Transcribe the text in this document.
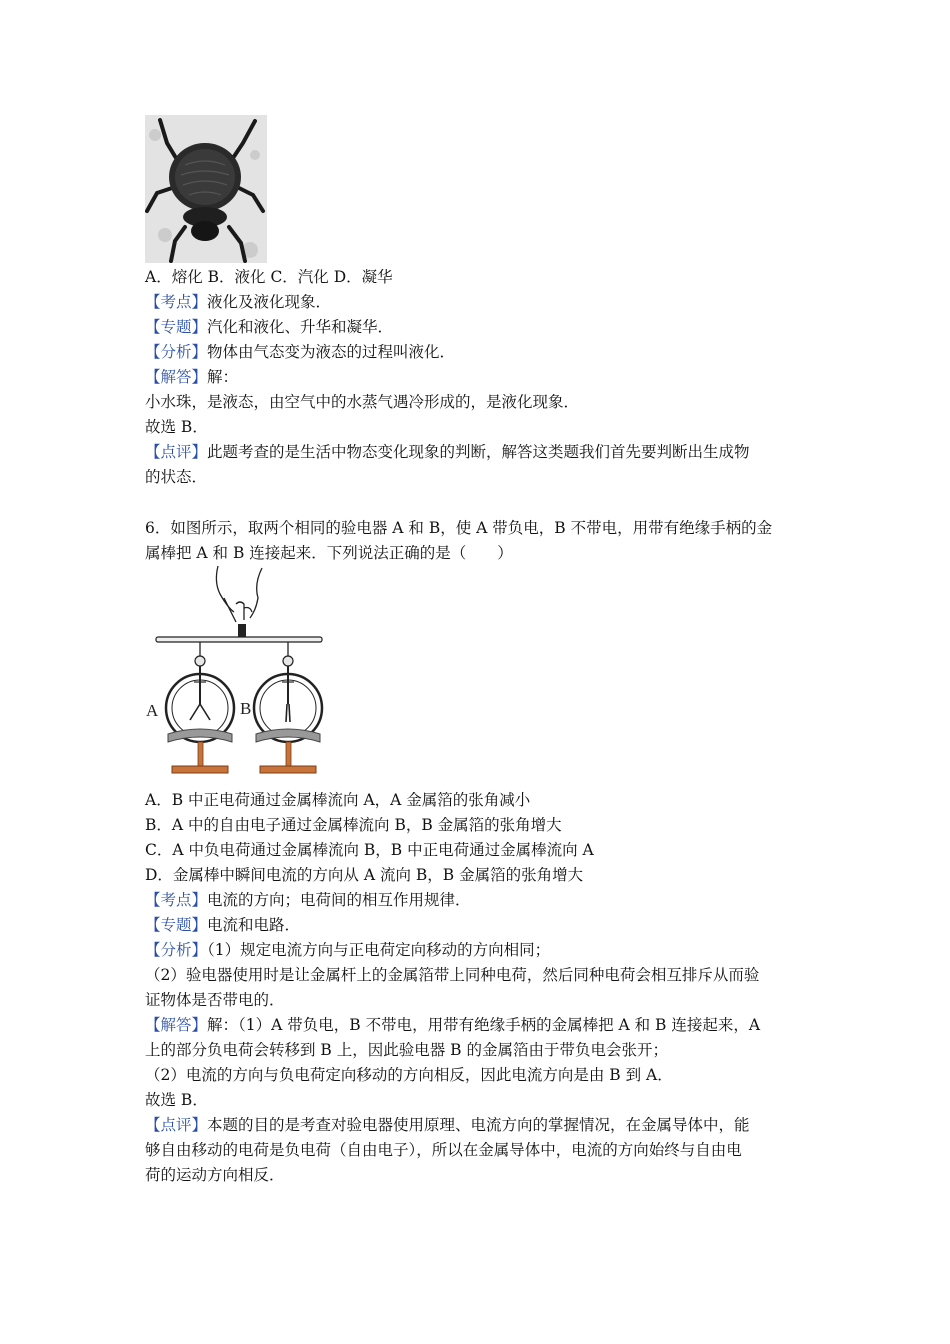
A．熔化 B．液化 C．汽化 D．凝华
【考点】液化及液化现象．
【专题】汽化和液化、升华和凝华．
【分析】物体由气态变为液态的过程叫液化．
【解答】解：
小水珠，是液态，由空气中的水蒸气遇冷形成的，是液化现象．
故选 B．
【点评】此题考查的是生活中物态变化现象的判断，解答这类题我们首先要判断出生成物
的状态．
6．如图所示，取两个相同的验电器 A 和 B，使 A 带负电，B 不带电，用带有绝缘手柄的金
属棒把 A 和 B 连接起来．下列说法正确的是（　　）
A	B
A．B 中正电荷通过金属棒流向 A，A 金属箔的张角减小
B．A 中的自由电子通过金属棒流向 B，B 金属箔的张角增大
C．A 中负电荷通过金属棒流向 B，B 中正电荷通过金属棒流向 A
D．金属棒中瞬间电流的方向从 A 流向 B，B 金属箔的张角增大
【考点】电流的方向；电荷间的相互作用规律．
【专题】电流和电路．
【分析】（1）规定电流方向与正电荷定向移动的方向相同；
（2）验电器使用时是让金属杆上的金属箔带上同种电荷，然后同种电荷会相互排斥从而验
证物体是否带电的．
【解答】解：（1）A 带负电，B 不带电，用带有绝缘手柄的金属棒把 A 和 B 连接起来，A
上的部分负电荷会转移到 B 上，因此验电器 B 的金属箔由于带负电会张开；
（2）电流的方向与负电荷定向移动的方向相反，因此电流方向是由 B 到 A．
故选 B．
【点评】本题的目的是考查对验电器使用原理、电流方向的掌握情况，在金属导体中，能
够自由移动的电荷是负电荷（自由电子），所以在金属导体中，电流的方向始终与自由电
荷的运动方向相反．
